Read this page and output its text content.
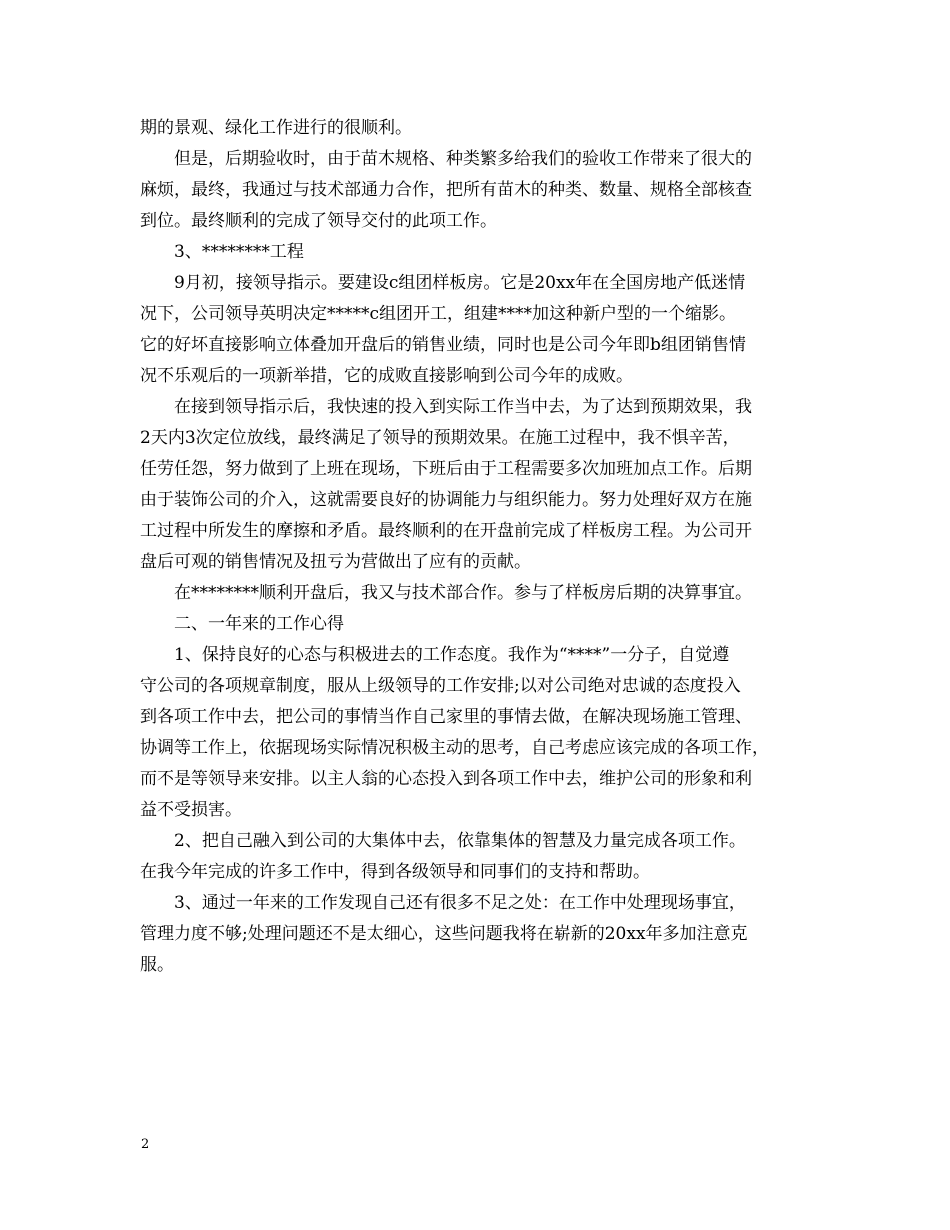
期的景观、绿化工作进行的很顺利。
但是，后期验收时，由于苗木规格、种类繁多给我们的验收工作带来了很大的
麻烦，最终，我通过与技术部通力合作，把所有苗木的种类、数量、规格全部核查
到位。最终顺利的完成了领导交付的此项工作。
3、********工程
9月初，接领导指示。要建设c组团样板房。它是20xx年在全国房地产低迷情
况下，公司领导英明决定*****c组团开工，组建****加这种新户型的一个缩影。
它的好坏直接影响立体叠加开盘后的销售业绩，同时也是公司今年即b组团销售情
况不乐观后的一项新举措，它的成败直接影响到公司今年的成败。
在接到领导指示后，我快速的投入到实际工作当中去，为了达到预期效果，我
2天内3次定位放线，最终满足了领导的预期效果。在施工过程中，我不惧辛苦，
任劳任怨，努力做到了上班在现场，下班后由于工程需要多次加班加点工作。后期
由于装饰公司的介入，这就需要良好的协调能力与组织能力。努力处理好双方在施
工过程中所发生的摩擦和矛盾。最终顺利的在开盘前完成了样板房工程。为公司开
盘后可观的销售情况及扭亏为营做出了应有的贡献。
在********顺利开盘后，我又与技术部合作。参与了样板房后期的决算事宜。
二、一年来的工作心得
1、保持良好的心态与积极进去的工作态度。我作为“****”一分子，自觉遵
守公司的各项规章制度，服从上级领导的工作安排;以对公司绝对忠诚的态度投入
到各项工作中去，把公司的事情当作自己家里的事情去做，在解决现场施工管理、
协调等工作上，依据现场实际情况积极主动的思考，自己考虑应该完成的各项工作，
而不是等领导来安排。以主人翁的心态投入到各项工作中去，维护公司的形象和利
益不受损害。
2、把自己融入到公司的大集体中去，依靠集体的智慧及力量完成各项工作。
在我今年完成的许多工作中，得到各级领导和同事们的支持和帮助。
3、通过一年来的工作发现自己还有很多不足之处：在工作中处理现场事宜，
管理力度不够;处理问题还不是太细心，这些问题我将在崭新的20xx年多加注意克
服。
2
